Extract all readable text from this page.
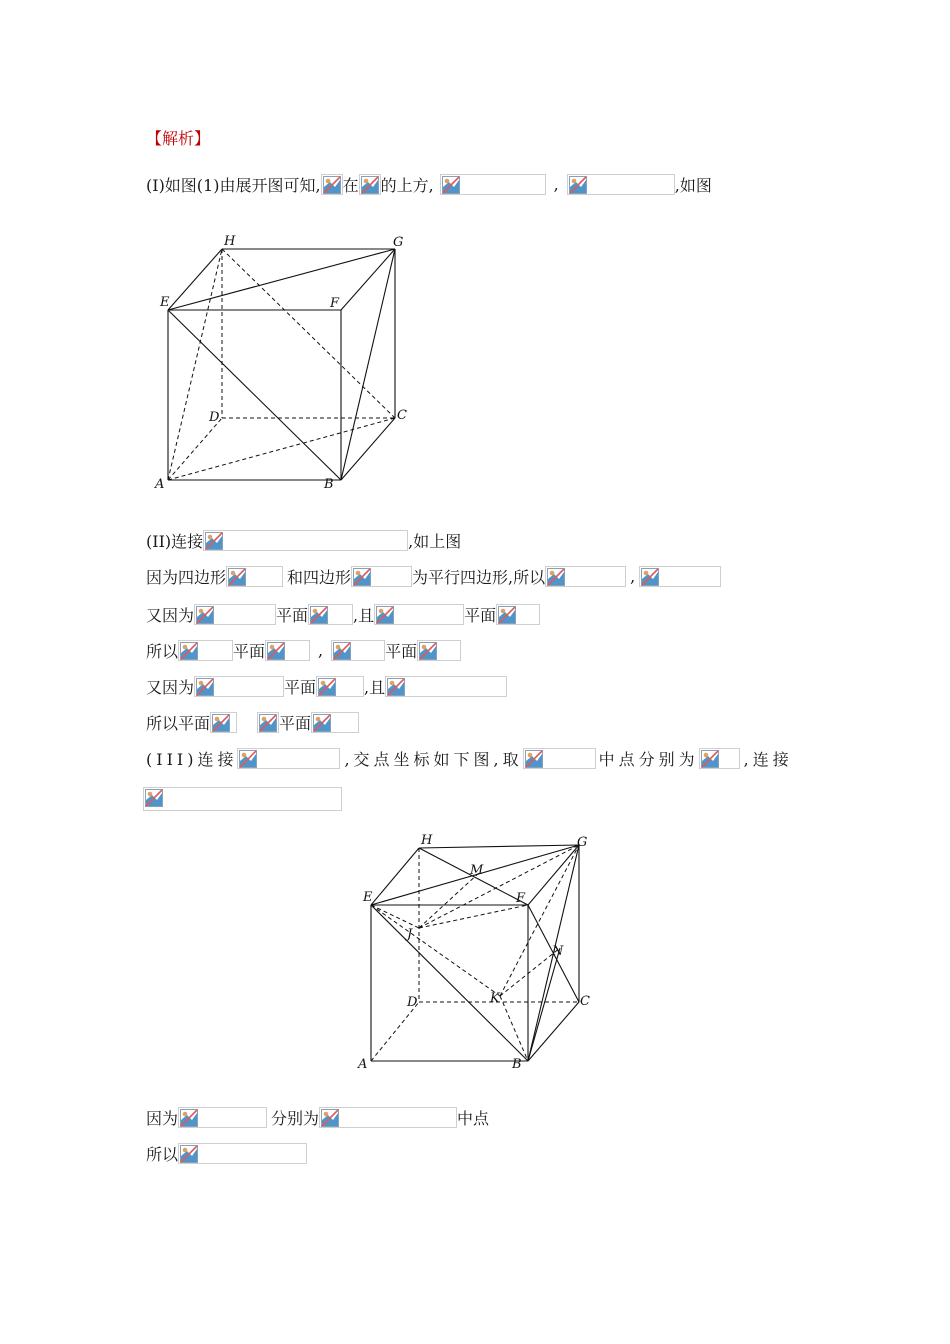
【解析】
(I)如图(1)由展开图可知, 在 的上方,	,	,如图
H	G
E	F
D	C
A	B
(II)连接	,如上图
因为四边形	和四边形	为平行四边形,所以	,
又因为	平面	,且	平面
所以	平面	,	平面
又因为	平面	,且
所以平面	平面
(III)连接	,交点坐标如下图,取	中点分别为	,连接
H	G
M
E	F
J
N
D	K	C
A	B
因为	分别为	中点
所以
